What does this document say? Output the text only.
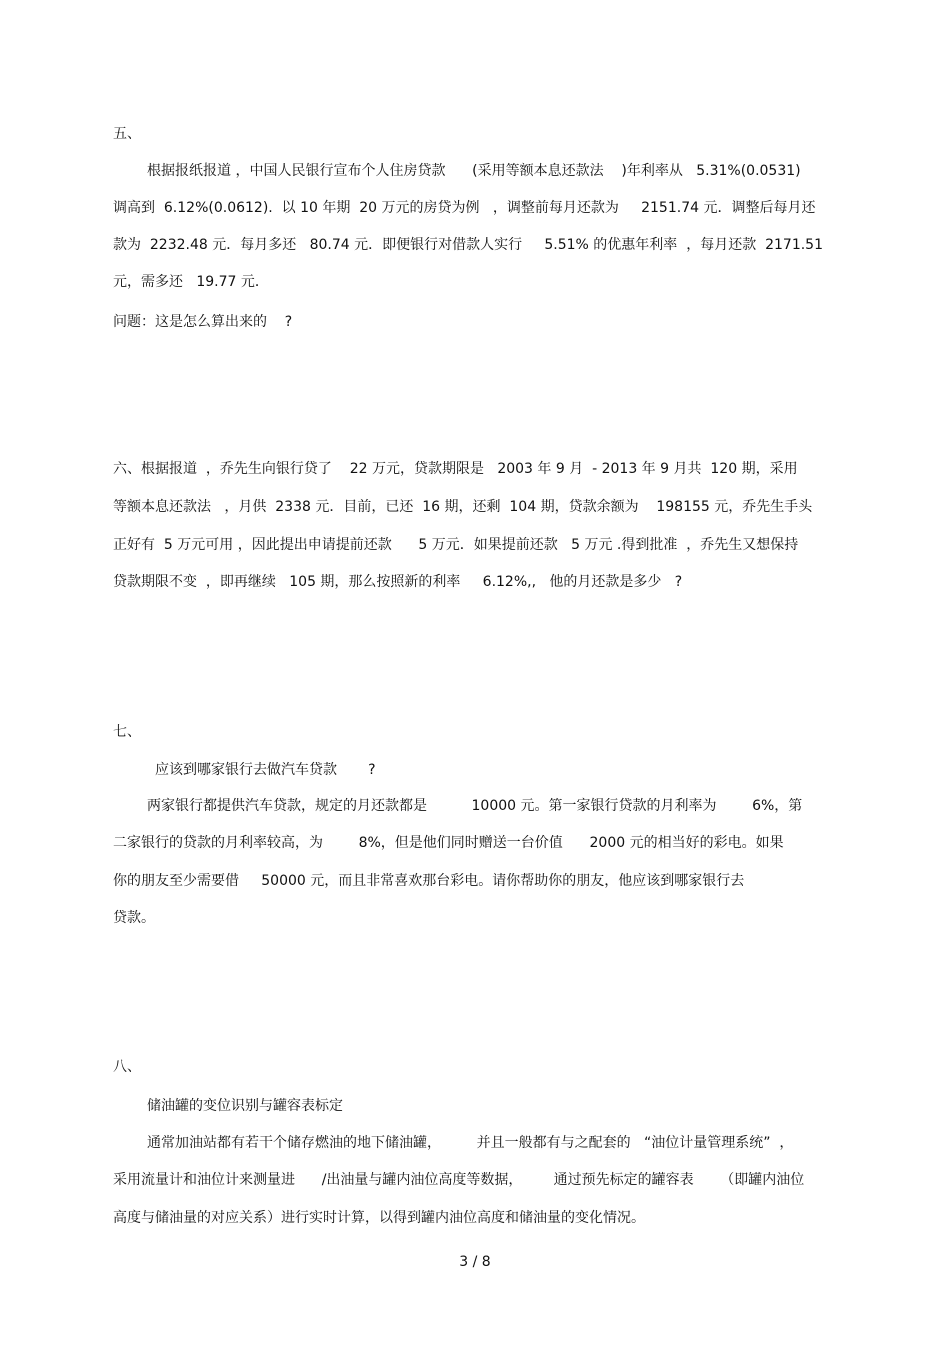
五、
根据报纸报道 ，中国人民银行宣布个人住房贷款      (采用等额本息还款法    )年利率从   5.31%(0.0531)
调高到  6.12%(0.0612).  以 10 年期  20 万元的房贷为例   ，调整前每月还款为     2151.74 元．调整后每月还
款为  2232.48 元．每月多还   80.74 元．即便银行对借款人实行     5.51% 的优惠年利率  ，每月还款  2171.51
元，需多还   19.77 元．
问题：这是怎么算出来的    ?
六、根据报道  ，乔先生向银行贷了    22 万元，贷款期限是   2003 年 9 月  - 2013 年 9 月共  120 期，采用
等额本息还款法   ，月供  2338 元．目前，已还  16 期，还剩  104 期，贷款余额为    198155 元，乔先生手头
正好有  5 万元可用 ，因此提出申请提前还款      5 万元．如果提前还款   5 万元 .得到批准  ，乔先生又想保持
贷款期限不变  ，即再继续   105 期，那么按照新的利率     6.12%,,   他的月还款是多少   ?
七、
应该到哪家银行去做汽车贷款       ?
两家银行都提供汽车贷款，规定的月还款都是          10000 元。第一家银行贷款的月利率为        6%，第
二家银行的贷款的月利率较高，为        8%，但是他们同时赠送一台价值      2000 元的相当好的彩电。如果
你的朋友至少需要借     50000 元，而且非常喜欢那台彩电。请你帮助你的朋友，他应该到哪家银行去
贷款。
八、
储油罐的变位识别与罐容表标定
通常加油站都有若干个储存燃油的地下储油罐，        并且一般都有与之配套的   “油位计量管理系统”  ，
采用流量计和油位计来测量进      /出油量与罐内油位高度等数据，       通过预先标定的罐容表      （即罐内油位
高度与储油量的对应关系）进行实时计算，以得到罐内油位高度和储油量的变化情况。
3 / 8
